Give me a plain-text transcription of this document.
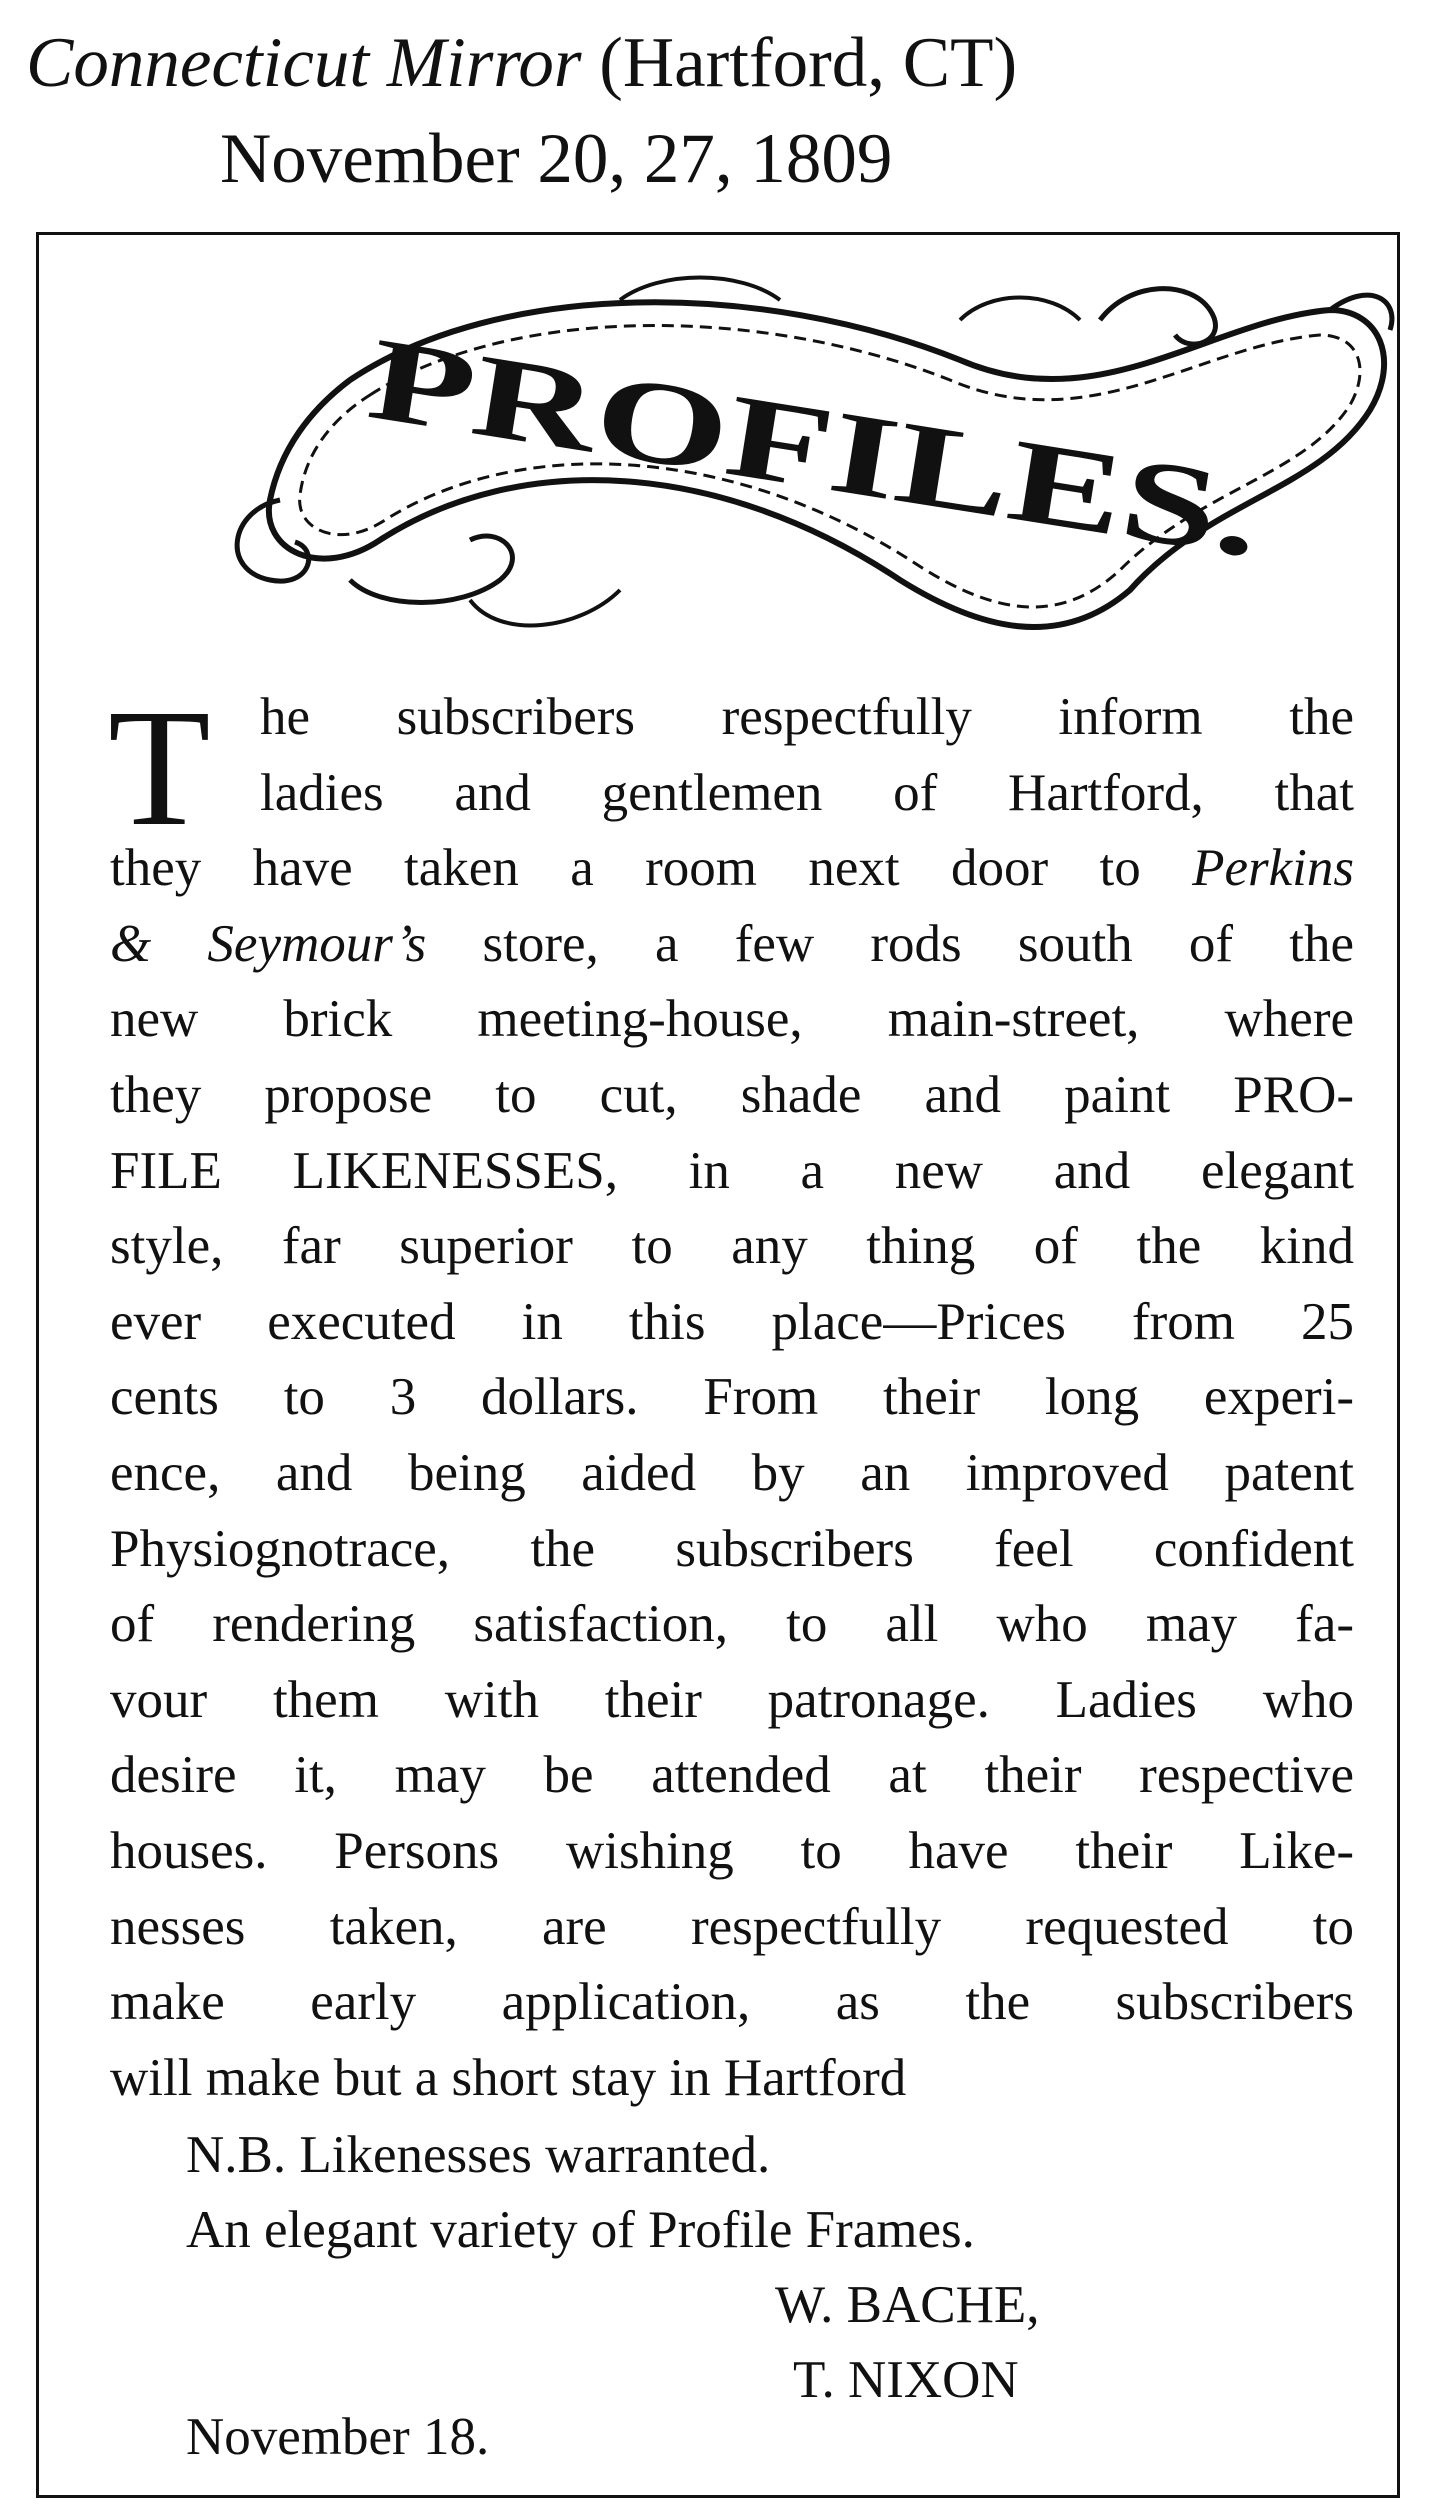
Connecticut Mirror (Hartford, CT)
November 20, 27, 1809
PROFILES.
T he subscribers respectfully inform the
ladies and gentlemen of Hartford, that
they have taken a room next door to Perkins
& Seymour’s store, a few rods south of the
new brick meeting-house, main-street, where
they propose to cut, shade and paint PRO-
FILE LIKENESSES, in a new and elegant
style, far superior to any thing of the kind
ever executed in this place—Prices from 25
cents to 3 dollars. From their long experi-
ence, and being aided by an improved patent
Physiognotrace, the subscribers feel confident
of rendering satisfaction, to all who may fa-
vour them with their patronage. Ladies who
desire it, may be attended at their respective
houses. Persons wishing to have their Like-
nesses taken, are respectfully requested to
make early application, as the subscribers
will make but a short stay in Hartford
N.B. Likenesses warranted.
An elegant variety of Profile Frames.
W. BACHE,
T. NIXON
November 18.
